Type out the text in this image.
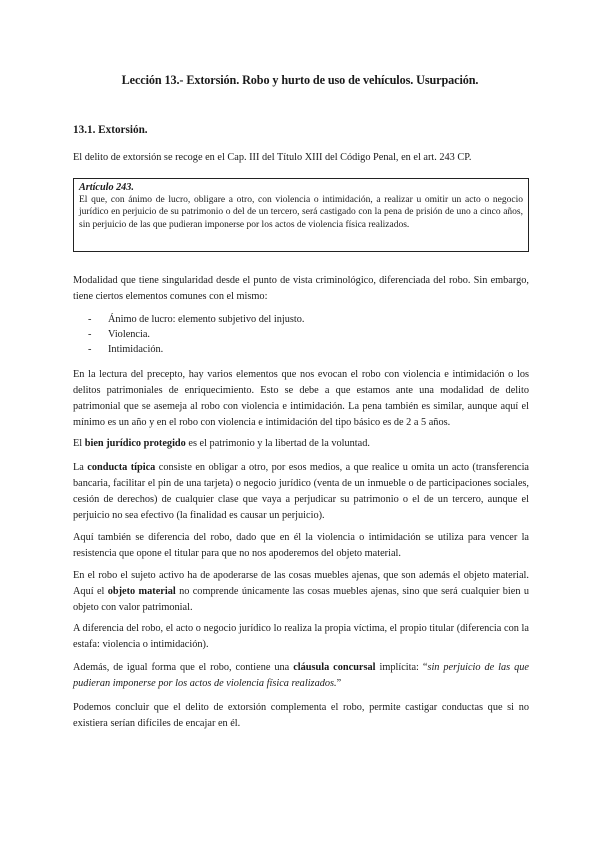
Lección 13.- Extorsión. Robo y hurto de uso de vehículos. Usurpación.
13.1. Extorsión.

El delito de extorsión se recoge en el Cap. III del Título XIII del Código Penal, en el art. 243 CP.

Artículo 243.
El que, con ánimo de lucro, obligare a otro, con violencia o intimidación, a realizar u omitir un acto o negocio jurídico en perjuicio de su patrimonio o del de un tercero, será castigado con la pena de prisión de uno a cinco años, sin perjuicio de las que pudieran imponerse por los actos de violencia física realizados.

Modalidad que tiene singularidad desde el punto de vista criminológico, diferenciada del robo. Sin embargo, tiene ciertos elementos comunes con el mismo:

- Ánimo de lucro: elemento subjetivo del injusto.
- Violencia.
- Intimidación.

En la lectura del precepto, hay varios elementos que nos evocan el robo con violencia e intimidación o los delitos patrimoniales de enriquecimiento. Esto se debe a que estamos ante una modalidad de delito patrimonial que se asemeja al robo con violencia e intimidación. La pena también es similar, aunque aquí el mínimo es un año y en el robo con violencia e intimidación del tipo básico es de 2 a 5 años.

El bien jurídico protegido es el patrimonio y la libertad de la voluntad.

La conducta típica consiste en obligar a otro, por esos medios, a que realice u omita un acto (transferencia bancaria, facilitar el pin de una tarjeta) o negocio jurídico (venta de un inmueble o de participaciones sociales, cesión de derechos) de cualquier clase que vaya a perjudicar su patrimonio o el de un tercero, aunque el perjuicio no sea efectivo (la finalidad es causar un perjuicio).

Aquí también se diferencia del robo, dado que en él la violencia o intimidación se utiliza para vencer la resistencia que opone el titular para que no nos apoderemos del objeto material.

En el robo el sujeto activo ha de apoderarse de las cosas muebles ajenas, que son además el objeto material. Aquí el objeto material no comprende únicamente las cosas muebles ajenas, sino que será cualquier bien u objeto con valor patrimonial.

A diferencia del robo, el acto o negocio jurídico lo realiza la propia víctima, el propio titular (diferencia con la estafa: violencia o intimidación).

Además, de igual forma que el robo, contiene una cláusula concursal implícita: “sin perjuicio de las que pudieran imponerse por los actos de violencia física realizados.”

Podemos concluir que el delito de extorsión complementa el robo, permite castigar conductas que si no existiera serían difíciles de encajar en él.
